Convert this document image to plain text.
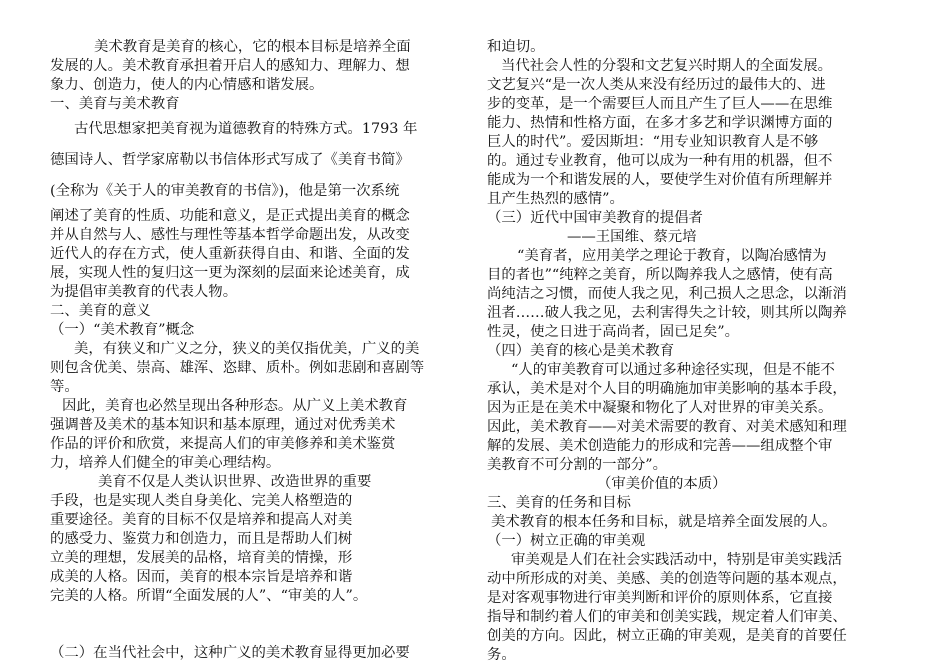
美术教育是美育的核心，它的根本目标是培养全面

发展的人。美术教育承担着开启人的感知力、理解力、想

象力、创造力，使人的内心情感和谐发展。

一、美育与美术教育

古代思想家把美育视为道德教育的特殊方式。1793 年

德国诗人、哲学家席勒以书信体形式写成了《美育书简》

(全称为《关于人的审美教育的书信》)，他是第一次系统

阐述了美育的性质、功能和意义，是正式提出美育的概念

并从自然与人、感性与理性等基本哲学命题出发，从改变

近代人的存在方式，使人重新获得自由、和谐、全面的发

展，实现人性的复归这一更为深刻的层面来论述美育，成

为提倡审美教育的代表人物。

二、美育的意义

（一）“美术教育”概念

美，有狭义和广义之分，狭义的美仅指优美，广义的美

则包含优美、崇高、雄浑、恣肆、质朴。例如悲剧和喜剧等

等。

因此，美育也必然呈现出各种形态。从广义上美术教育

强调普及美术的基本知识和基本原理，通过对优秀美术

作品的评价和欣赏，来提高人们的审美修养和美术鉴赏

力，培养人们健全的审美心理结构。

美育不仅是人类认识世界、改造世界的重要

手段，也是实现人类自身美化、完美人格塑造的

重要途径。美育的目标不仅是培养和提高人对美

的感受力、鉴赏力和创造力，而且是帮助人们树

立美的理想，发展美的品格，培育美的情操，形

成美的人格。因而，美育的根本宗旨是培养和谐

完美的人格。所谓“全面发展的人”、“审美的人”。

（二）在当代社会中，这种广义的美术教育显得更加必要

和迫切。

当代社会人性的分裂和文艺复兴时期人的全面发展。

文艺复兴“是一次人类从来没有经历过的最伟大的、进

步的变革，是一个需要巨人而且产生了巨人——在思维

能力、热情和性格方面，在多才多艺和学识渊博方面的

巨人的时代”。爱因斯坦：“用专业知识教育人是不够

的。通过专业教育，他可以成为一种有用的机器，但不

能成为一个和谐发展的人，要使学生对价值有所理解并

且产生热烈的感情”。

（三）近代中国审美教育的提倡者

——王国维、蔡元培

“美育者，应用美学之理论于教育，以陶冶感情为

目的者也”“纯粹之美育，所以陶养我人之感情，使有高

尚纯洁之习惯，而使人我之见，利己损人之思念，以渐消

沮者……破人我之见，去利害得失之计较，则其所以陶养

性灵，使之日进于高尚者，固已足矣”。

（四）美育的核心是美术教育

“人的审美教育可以通过多种途径实现，但是不能不

承认，美术是对个人目的明确施加审美影响的基本手段，

因为正是在美术中凝聚和物化了人对世界的审美关系。

因此，美术教育——对美术需要的教育、对美术感知和理

解的发展、美术创造能力的形成和完善——组成整个审

美教育不可分割的一部分”。

（审美价值的本质）

三、美育的任务和目标

美术教育的根本任务和目标，就是培养全面发展的人。

（一）树立正确的审美观

审美观是人们在社会实践活动中，特别是审美实践活

动中所形成的对美、美感、美的创造等问题的基本观点，

是对客观事物进行审美判断和评价的原则体系，它直接

指导和制约着人们的审美和创美实践，规定着人们审美、

创美的方向。因此，树立正确的审美观，是美育的首要任

务。
